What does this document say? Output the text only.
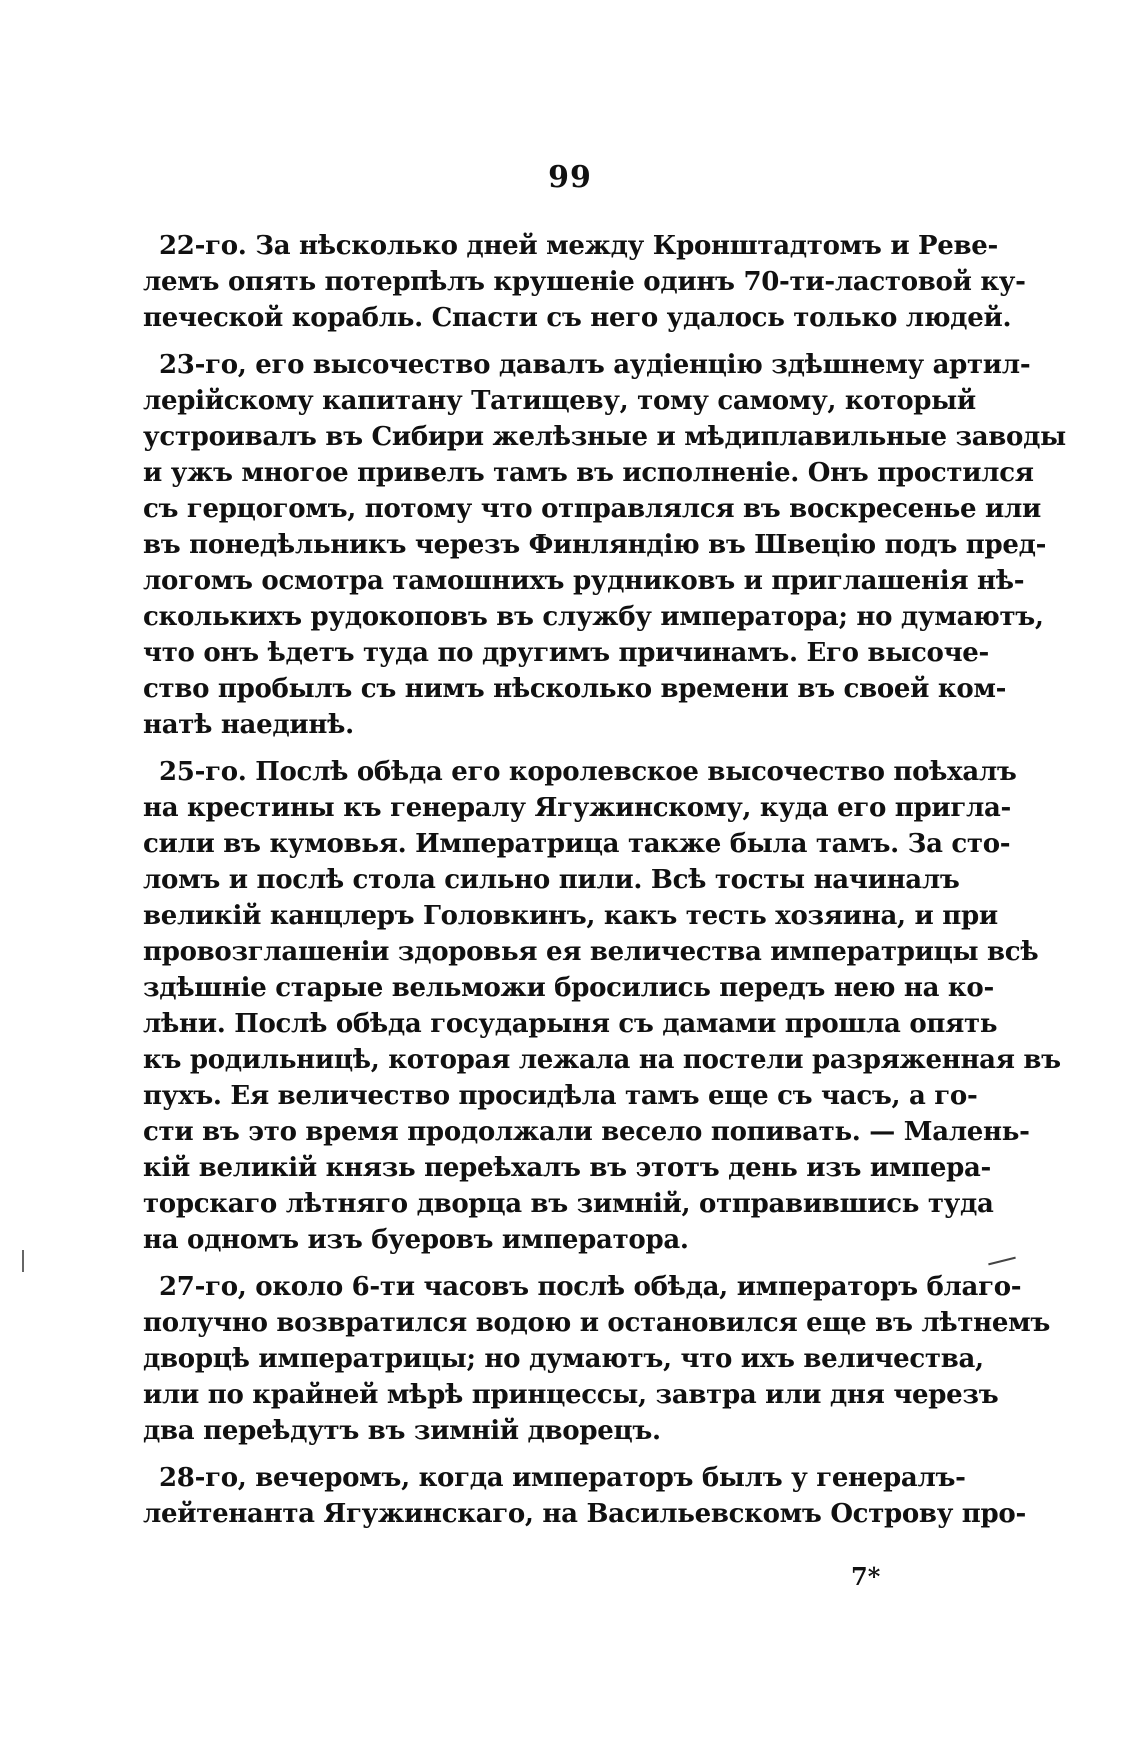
99
22-го. За нѣсколько дней между Кронштадтомъ и Реве-
лемъ опять потерпѣлъ крушеніе одинъ 70-ти-ластовой ку-
печеской корабль. Спасти съ него удалось только людей.
23-го, его высочество давалъ аудіенцію здѣшнему артил-
лерійскому капитану Татищеву, тому самому, который
устроивалъ въ Сибири желѣзные и мѣдиплавильные заводы
и ужъ многое привелъ тамъ въ исполненіе. Онъ простился
съ герцогомъ, потому что отправлялся въ воскресенье или
въ понедѣльникъ черезъ Финляндію въ Швецію подъ пред-
логомъ осмотра тамошнихъ рудниковъ и приглашенія нѣ-
сколькихъ рудокоповъ въ службу императора; но думаютъ,
что онъ ѣдетъ туда по другимъ причинамъ. Его высоче-
ство пробылъ съ нимъ нѣсколько времени въ своей ком-
натѣ наединѣ.
25-го. Послѣ обѣда его королевское высочество поѣхалъ
на крестины къ генералу Ягужинскому, куда его пригла-
сили въ кумовья. Императрица также была тамъ. За сто-
ломъ и послѣ стола сильно пили. Всѣ тосты начиналъ
великій канцлеръ Головкинъ, какъ тесть хозяина, и при
провозглашеніи здоровья ея величества императрицы всѣ
здѣшніе старые вельможи бросились передъ нею на ко-
лѣни. Послѣ обѣда государыня съ дамами прошла опять
къ родильницѣ, которая лежала на постели разряженная въ
пухъ. Ея величество просидѣла тамъ еще съ часъ, а го-
сти въ это время продолжали весело попивать. — Малень-
кій великій князь переѣхалъ въ этотъ день изъ импера-
торскаго лѣтняго дворца въ зимній, отправившись туда
на одномъ изъ буеровъ императора.
27-го, около 6-ти часовъ послѣ обѣда, императоръ благо-
получно возвратился водою и остановился еще въ лѣтнемъ
дворцѣ императрицы; но думаютъ, что ихъ величества,
или по крайней мѣрѣ принцессы, завтра или дня черезъ
два переѣдутъ въ зимній дворецъ.
28-го, вечеромъ, когда императоръ былъ у генералъ-
лейтенанта Ягужинскаго, на Васильевскомъ Острову про-
7*
